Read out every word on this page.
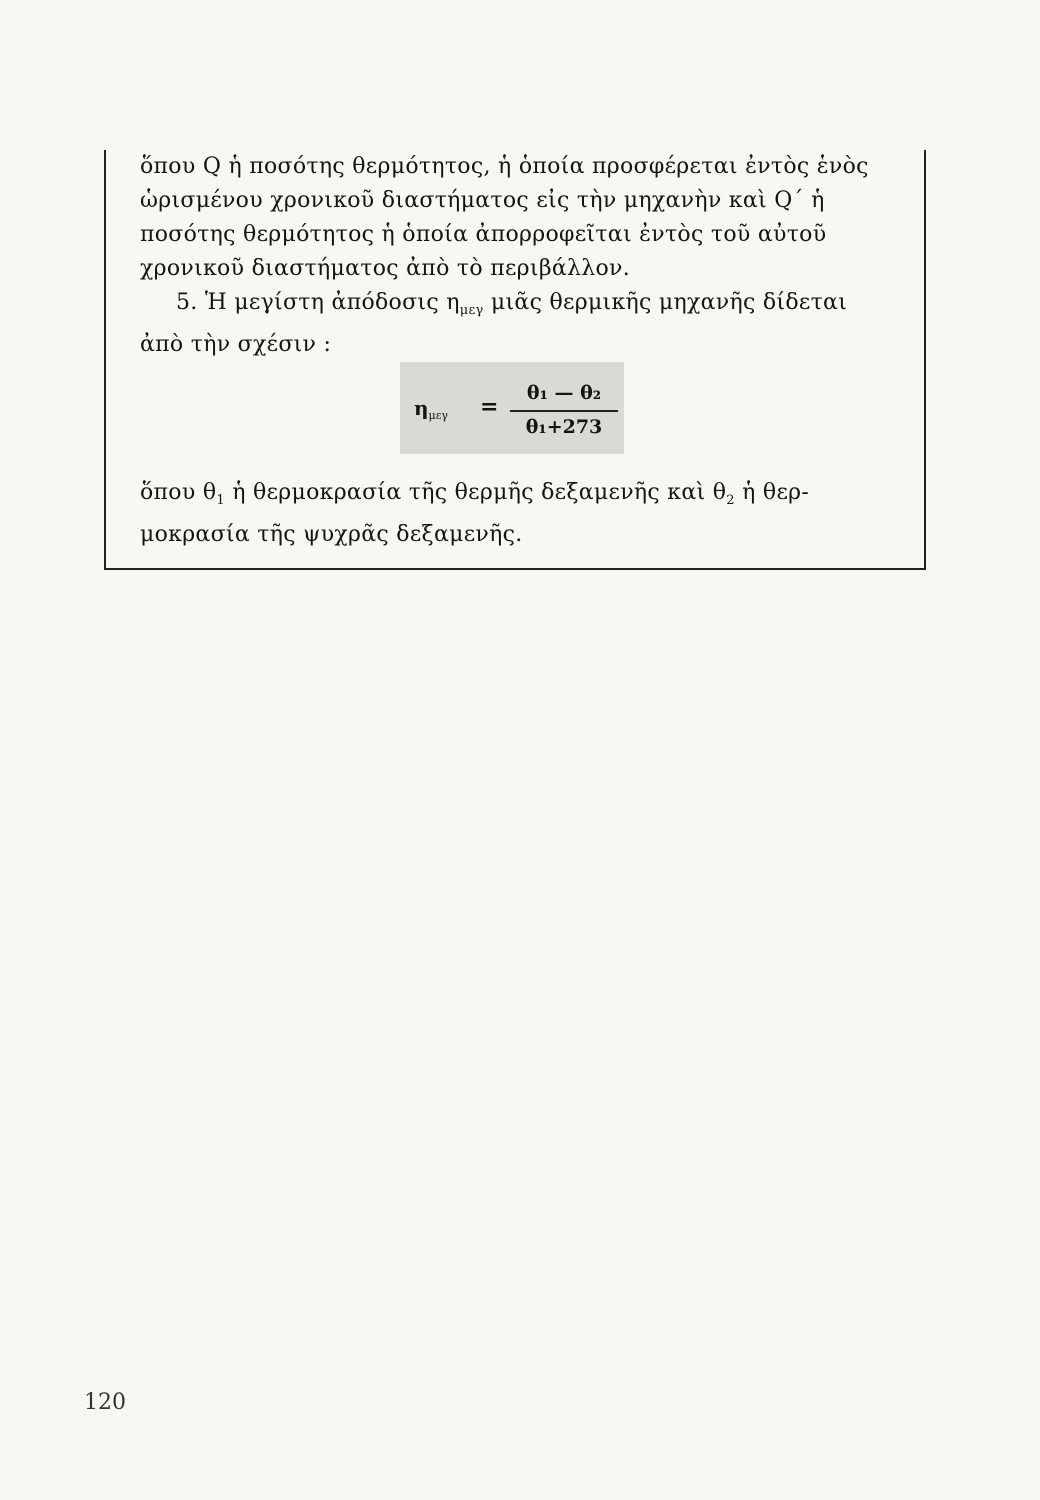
ὅπου Q ἡ ποσότης θερμότητος, ἡ ὁποία προσφέρεται ἐντὸς ἑνὸς
ὡρισμένου χρονικοῦ διαστήματος εἰς τὴν μηχανὴν καὶ Q΄ ἡ
ποσότης θερμότητος ἡ ὁποία ἀπορροφεῖται ἐντὸς τοῦ αὐτοῦ
χρονικοῦ διαστήματος ἀπὸ τὸ περιβάλλον.
5. Ἡ μεγίστη ἀπόδοσις $\eta_{\mu\varepsilon\gamma}$ μιᾶς θερμικῆς μηχανῆς δίδεται
ἀπὸ τὴν σχέσιν :
$\eta_{\mu\varepsilon\gamma}$ =
θ₁ — θ₂
θ₁+273
ὅπου $\theta_1$ ἡ θερμοκρασία τῆς θερμῆς δεξαμενῆς καὶ $\theta_2$ ἡ θερ-
μοκρασία τῆς ψυχρᾶς δεξαμενῆς.
120
